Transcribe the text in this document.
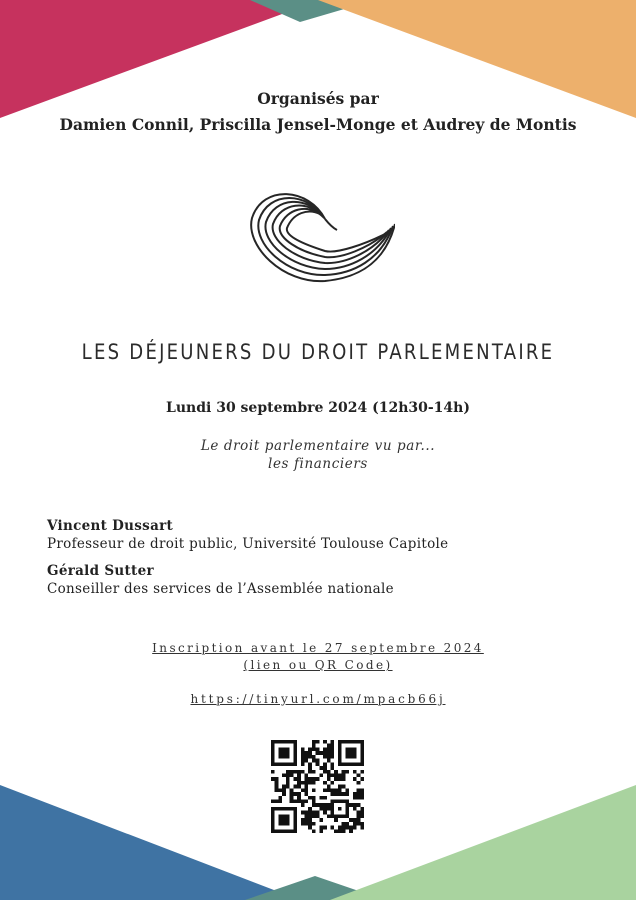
Organisés par
Damien Connil, Priscilla Jensel-Monge et Audrey de Montis
LES DÉJEUNERS DU DROIT PARLEMENTAIRE
Lundi 30 septembre 2024 (12h30-14h)
Le droit parlementaire vu par...
les financiers
Vincent Dussart
Professeur de droit public, Université Toulouse Capitole
Gérald Sutter
Conseiller des services de l’Assemblée nationale
Inscription avant le 27 septembre 2024
(lien ou QR Code)
https://tinyurl.com/mpacb66j
